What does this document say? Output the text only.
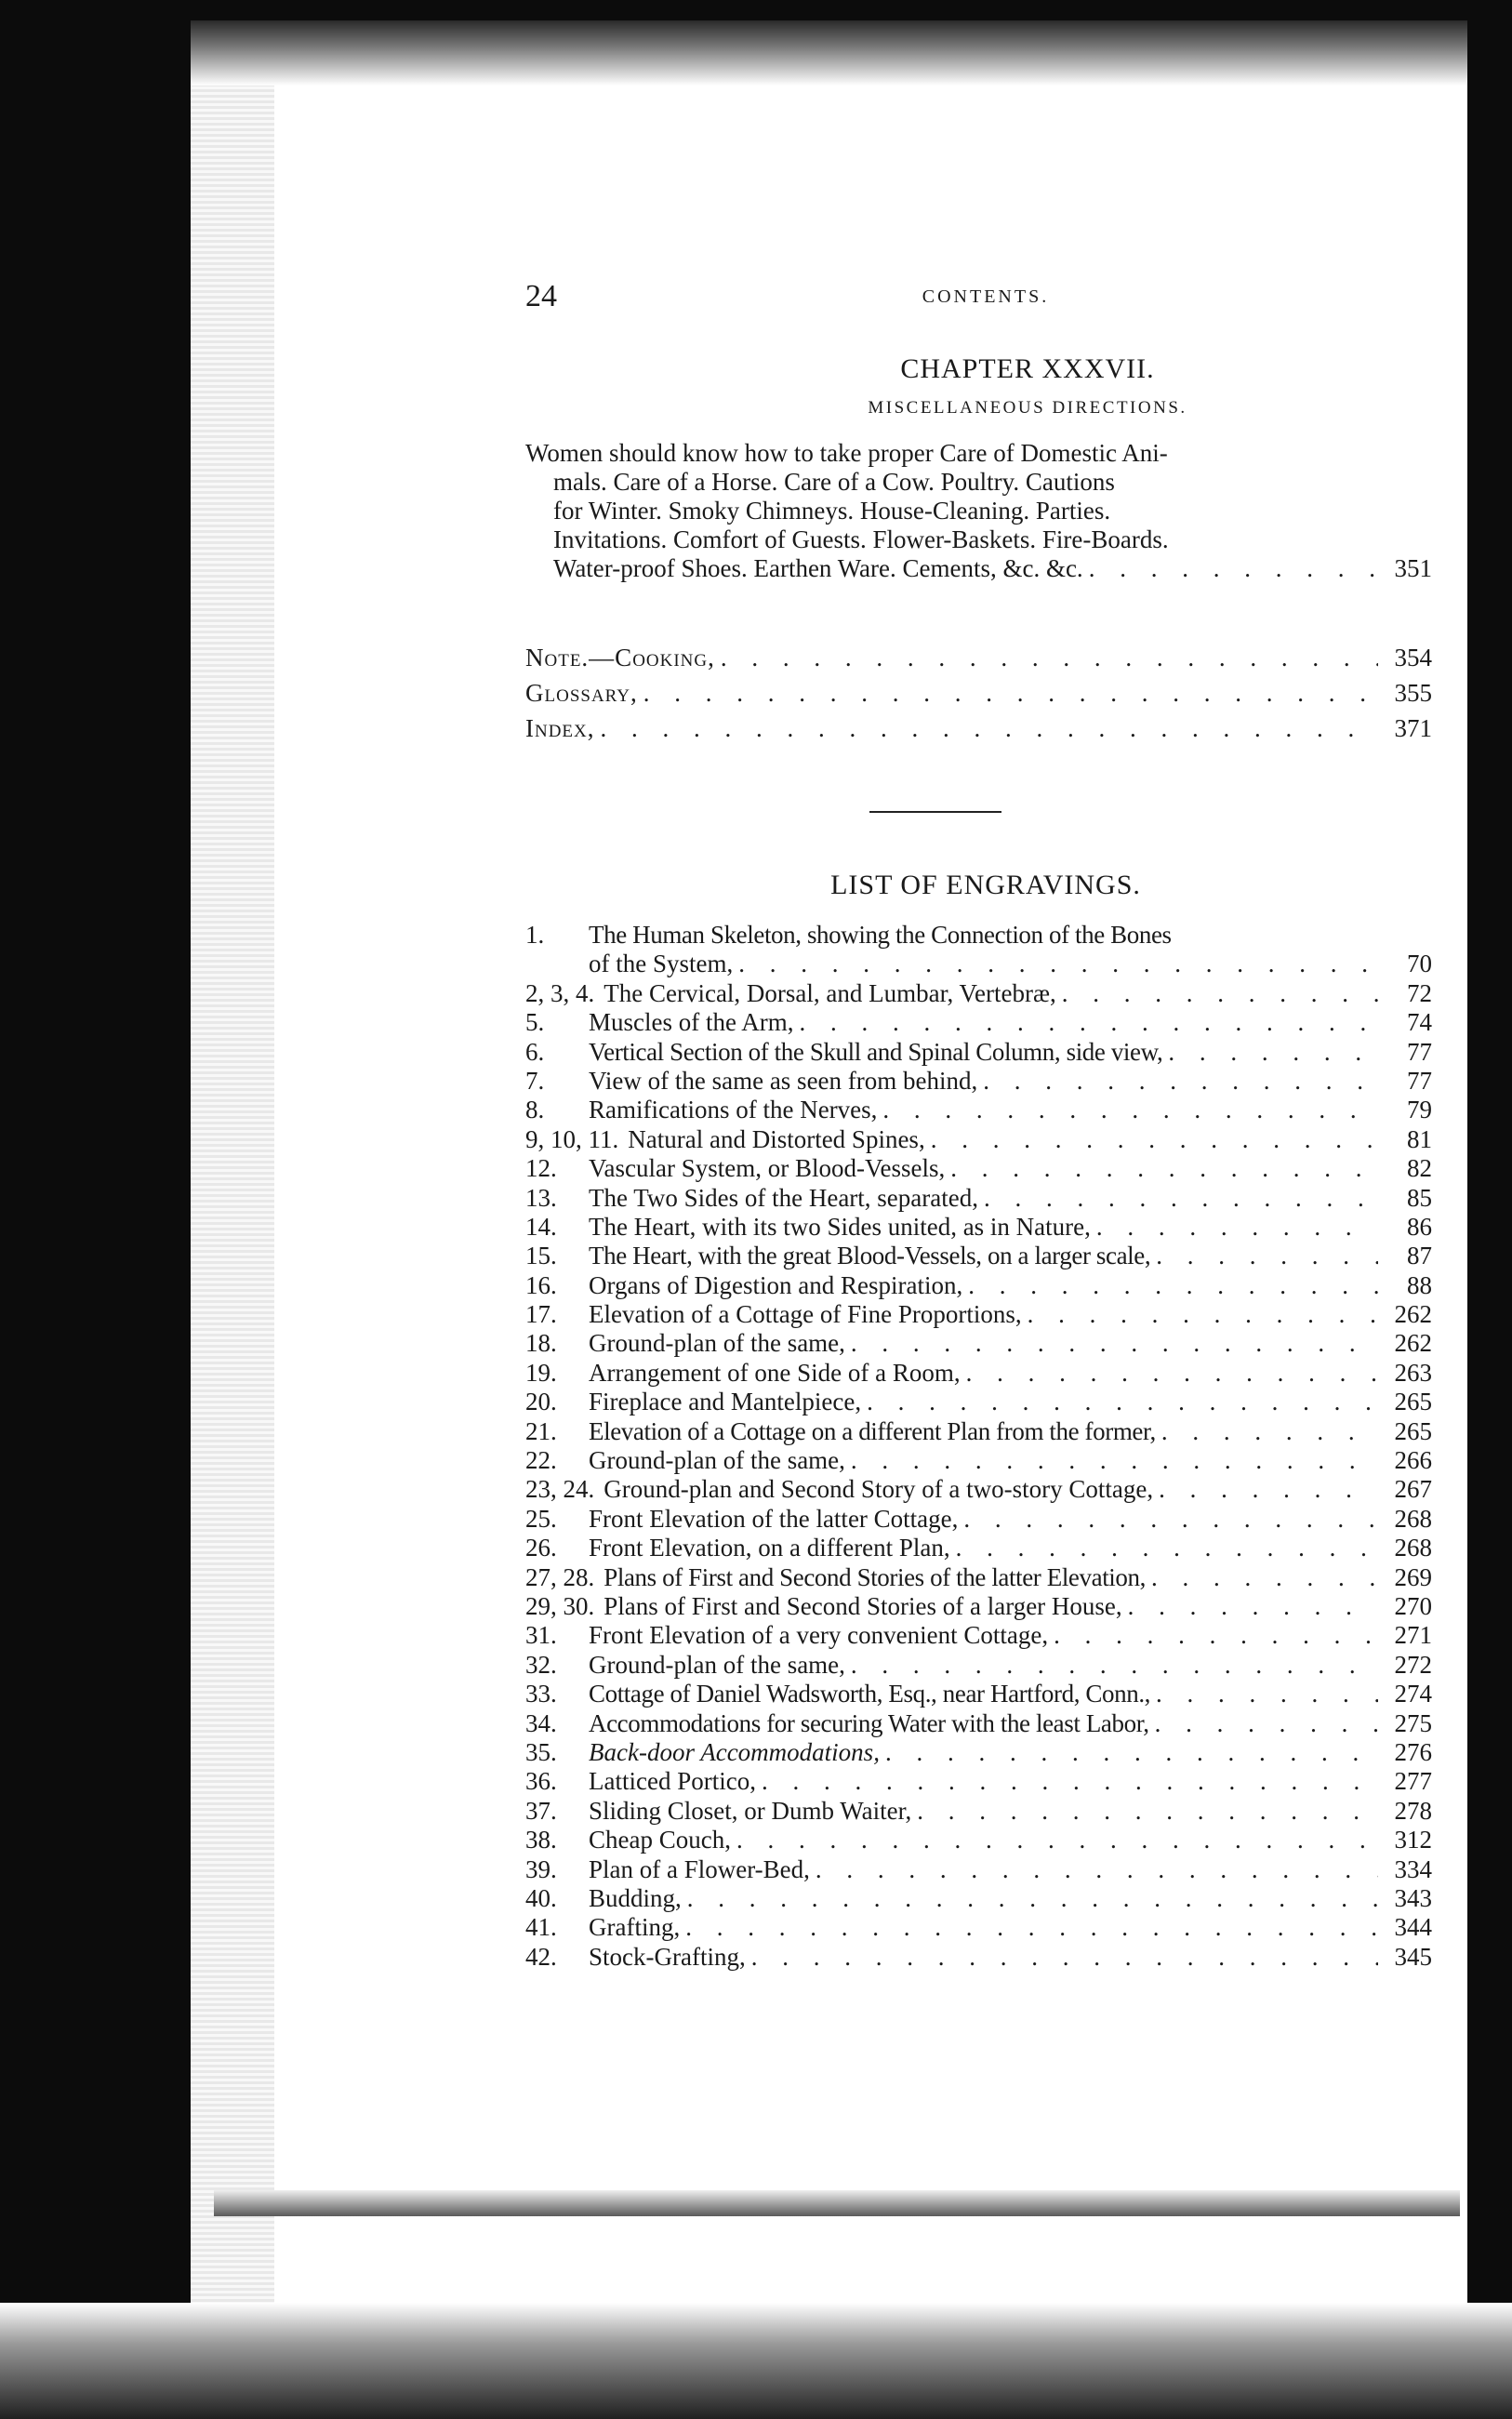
24	CONTENTS.
CHAPTER XXXVII.
MISCELLANEOUS DIRECTIONS.
Women should know how to take proper Care of Domestic Ani-
mals. Care of a Horse. Care of a Cow. Poultry. Cautions
for Winter. Smoky Chimneys. House-Cleaning. Parties.
Invitations. Comfort of Guests. Flower-Baskets. Fire-Boards.
Water-proof Shoes. Earthen Ware. Cements, &c. &c. . . .	351
Note.—Cooking, . . .	354
Glossary, . . .	355
Index, . . .	371
LIST OF ENGRAVINGS.
1.	The Human Skeleton, showing the Connection of the Bones
of the System, . . .	70
2, 3, 4. The Cervical, Dorsal, and Lumbar, Vertebræ, . . .	72
5.	Muscles of the Arm, . . .	74
6.	Vertical Section of the Skull and Spinal Column, side view, . . .	77
7.	View of the same as seen from behind, . . .	77
8.	Ramifications of the Nerves, . . .	79
9, 10, 11. Natural and Distorted Spines, . . .	81
12.	Vascular System, or Blood-Vessels, . . .	82
13.	The Two Sides of the Heart, separated, . . .	85
14.	The Heart, with its two Sides united, as in Nature, . . .	86
15.	The Heart, with the great Blood-Vessels, on a larger scale, . . .	87
16.	Organs of Digestion and Respiration, . . .	88
17.	Elevation of a Cottage of Fine Proportions, . . .	262
18.	Ground-plan of the same, . . .	262
19.	Arrangement of one Side of a Room, . . .	263
20.	Fireplace and Mantelpiece, . . .	265
21.	Elevation of a Cottage on a different Plan from the former, . . .	265
22.	Ground-plan of the same, . . .	266
23, 24. Ground-plan and Second Story of a two-story Cottage, . . .	267
25.	Front Elevation of the latter Cottage, . . .	268
26.	Front Elevation, on a different Plan, . . .	268
27, 28. Plans of First and Second Stories of the latter Elevation, . . .	269
29, 30. Plans of First and Second Stories of a larger House, . . .	270
31.	Front Elevation of a very convenient Cottage, . . .	271
32.	Ground-plan of the same, . . .	272
33.	Cottage of Daniel Wadsworth, Esq., near Hartford, Conn., . . .	274
34.	Accommodations for securing Water with the least Labor, . . .	275
35.	Back-door Accommodations, . . .	276
36.	Latticed Portico, . . .	277
37.	Sliding Closet, or Dumb Waiter, . . .	278
38.	Cheap Couch, . . .	312
39.	Plan of a Flower-Bed, . . .	334
40.	Budding, . . .	343
41.	Grafting, . . .	344
42.	Stock-Grafting, . . .	345
